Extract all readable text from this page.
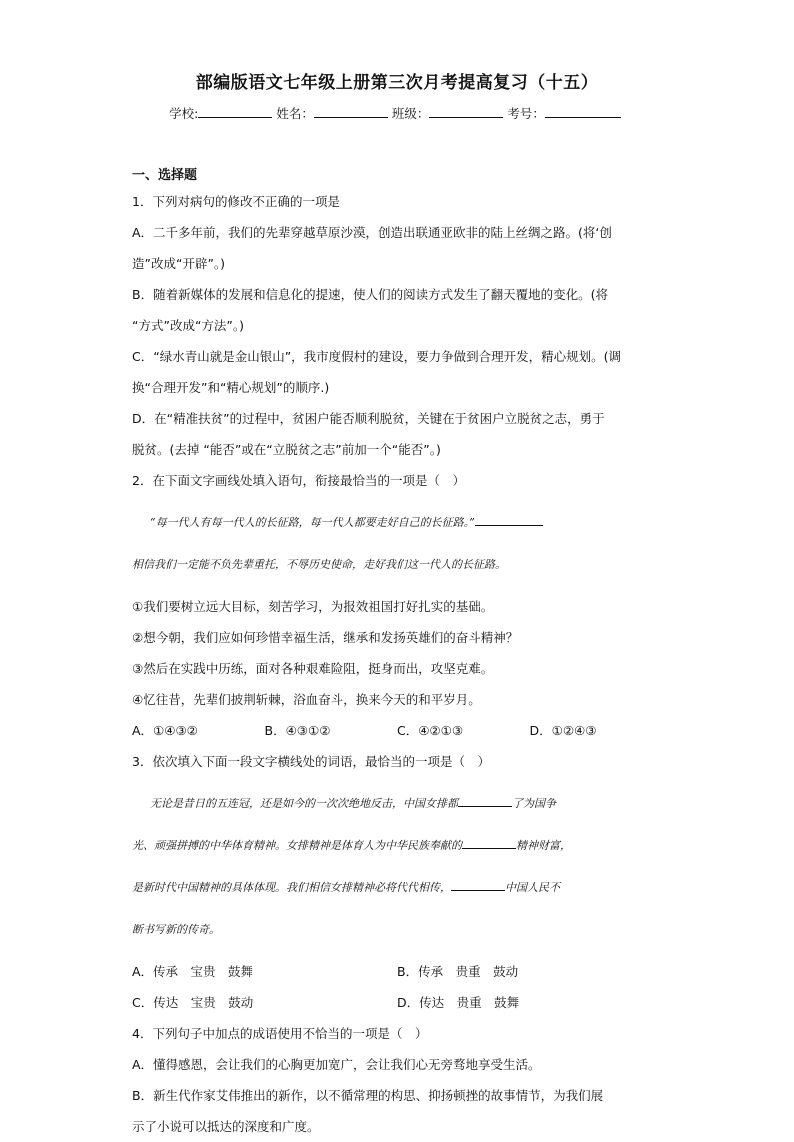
部编版语文七年级上册第三次月考提高复习（十五）
学校:	姓名：	班级：	考号：

一、选择题

1．下列对病句的修改不正确的一项是

A．二千多年前，我们的先辈穿越草原沙漠，创造出联通亚欧非的陆上丝绸之路。(将‘创

造”改成“开辟”。)

B．随着新媒体的发展和信息化的提速，使人们的阅读方式发生了翻天覆地的变化。(将

“方式”改成“方法”。)

C．“绿水青山就是金山银山”，我市度假村的建设，要力争做到合理开发，精心规划。(调

换“合理开发”和“精心规划”的顺序.)

D．在“精准扶贫”的过程中，贫困户能否顺利脱贫，关键在于贫困户立脱贫之志，勇于

脱贫。(去掉 “能否”或在“立脱贫之志”前加一个“能否”。)

2．在下面文字画线处填入语句，衔接最恰当的一项是（　）

“每一代人有每一代人的长征路，每一代人都要走好自己的长征路。”

相信我们一定能不负先辈重托，不辱历史使命，走好我们这一代人的长征路。

①我们要树立远大目标，刻苦学习，为报效祖国打好扎实的基础。

②想今朝，我们应如何珍惜幸福生活，继承和发扬英雄们的奋斗精神？

③然后在实践中历练，面对各种艰难险阻，挺身而出，攻坚克难。

④忆往昔，先辈们披荆斩棘，浴血奋斗，换来今天的和平岁月。

A．①④③②	B．④③①②	C．④②①③	D．①②④③

3．依次填入下面一段文字横线处的词语，最恰当的一项是（　）

无论是昔日的五连冠，还是如今的一次次绝地反击，中国女排都	了为国争

光、顽强拼搏的中华体育精神。女排精神是体育人为中华民族奉献的	精神财富，

是新时代中国精神的具体体现。我们相信女排精神必将代代相传，	中国人民不

断书写新的传奇。

A．传承　宝贵　鼓舞	B．传承　贵重　鼓动
C．传达　宝贵　鼓动	D．传达　贵重　鼓舞

4．下列句子中加点的成语使用不恰当的一项是（　）

A．懂得感恩，会让我们的心胸更加宽广，会让我们心无旁骛地享受生活。

B．新生代作家艾伟推出的新作，以不循常理的构思、抑扬顿挫的故事情节，为我们展

示了小说可以抵达的深度和广度。
